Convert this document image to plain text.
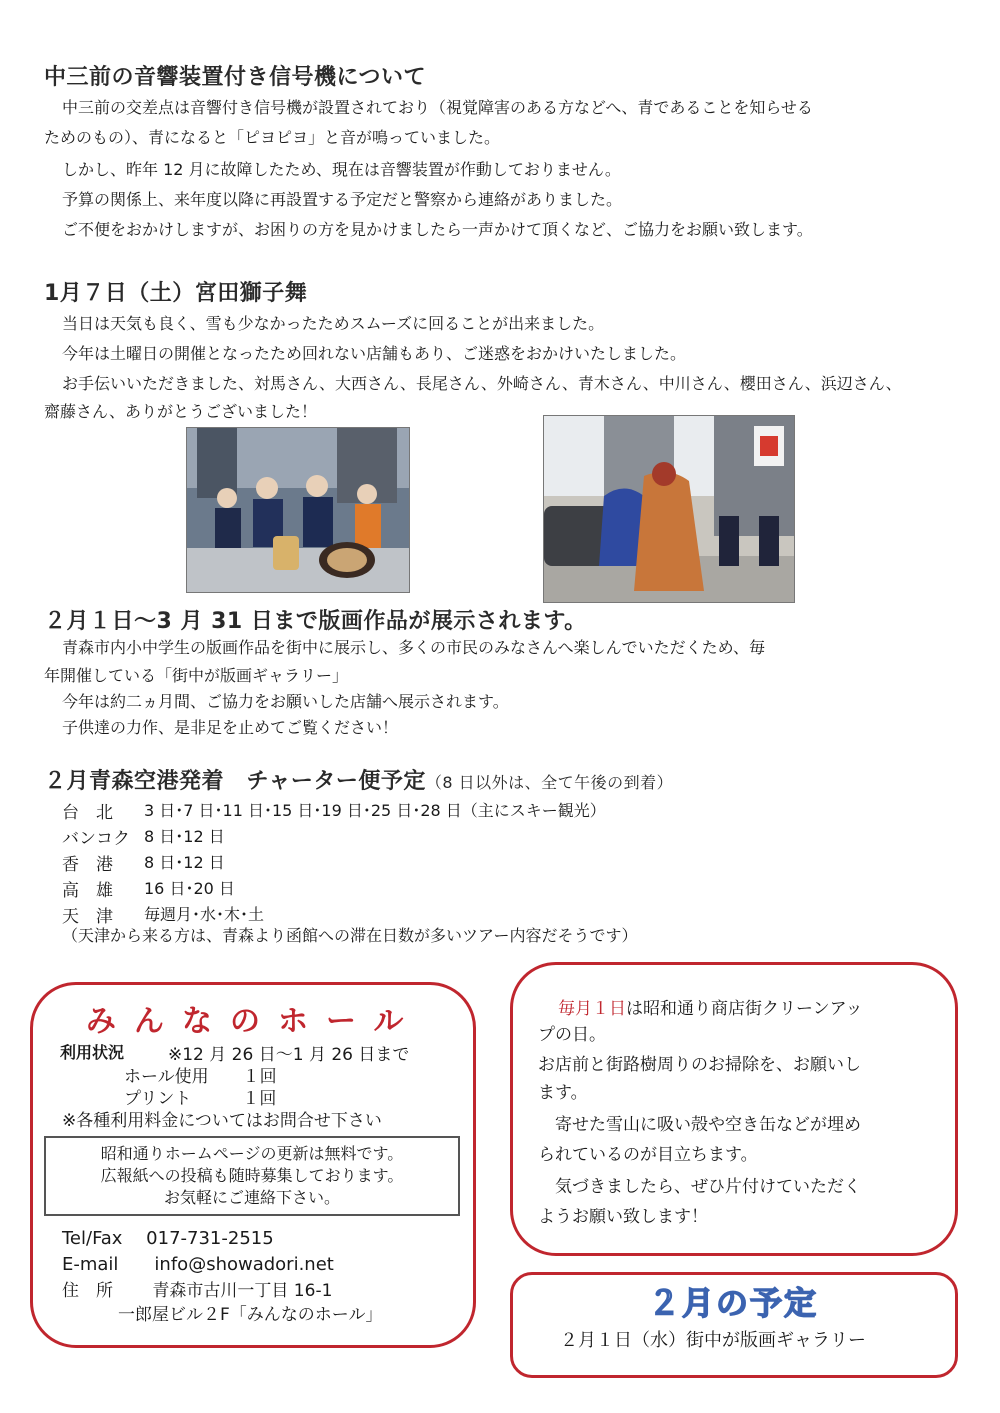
中三前の音響装置付き信号機について
中三前の交差点は音響付き信号機が設置されており（視覚障害のある方などへ、青であることを知らせる
ためのもの）、青になると「ピヨピヨ」と音が鳴っていました。
しかし、昨年 12 月に故障したため、現在は音響装置が作動しておりません。
予算の関係上、来年度以降に再設置する予定だと警察から連絡がありました。
ご不便をおかけしますが、お困りの方を見かけましたら一声かけて頂くなど、ご協力をお願い致します。
1月７日（土）宮田獅子舞
当日は天気も良く、雪も少なかったためスムーズに回ることが出来ました。
今年は土曜日の開催となったため回れない店舗もあり、ご迷惑をおかけいたしました。
お手伝いいただきました、対馬さん、大西さん、長尾さん、外崎さん、青木さん、中川さん、櫻田さん、浜辺さん、
齋藤さん、ありがとうございました！
２月１日～3 月 31 日まで版画作品が展示されます。
青森市内小中学生の版画作品を街中に展示し、多くの市民のみなさんへ楽しんでいただくため、毎
年開催している「街中が版画ギャラリー」
今年は約二ヵ月間、ご協力をお願いした店舗へ展示されます。
子供達の力作、是非足を止めてご覧ください！
２月青森空港発着　チャーター便予定（8 日以外は、全て午後の到着）
台　北 3 日･7 日･11 日･15 日･19 日･25 日･28 日（主にスキー観光）
バンコク 8 日･12 日
香　港 8 日･12 日
高　雄 16 日･20 日
天　津 毎週月･水･木･土
（天津から来る方は、青森より函館への滞在日数が多いツアー内容だそうです）
みんなのホール
利用状況	※12 月 26 日～1 月 26 日まで
ホール使用　　１回
プリント　　　１回
※各種利用料金についてはお問合せ下さい
昭和通りホームページの更新は無料です。
広報紙への投稿も随時募集しております。
お気軽にご連絡下さい。
Tel/Fax　 017-731-2515
E-mail　　info@showadori.net
住　所　　 青森市古川一丁目 16-1
一郎屋ビル２F「みんなのホール」
毎月１日は昭和通り商店街クリーンアッ
プの日。
お店前と街路樹周りのお掃除を、お願いし
ます。
　寄せた雪山に吸い殻や空き缶などが埋め
られているのが目立ちます。
　気づきましたら、ぜひ片付けていただく
ようお願い致します！
２月の予定
２月１日（水）街中が版画ギャラリー
